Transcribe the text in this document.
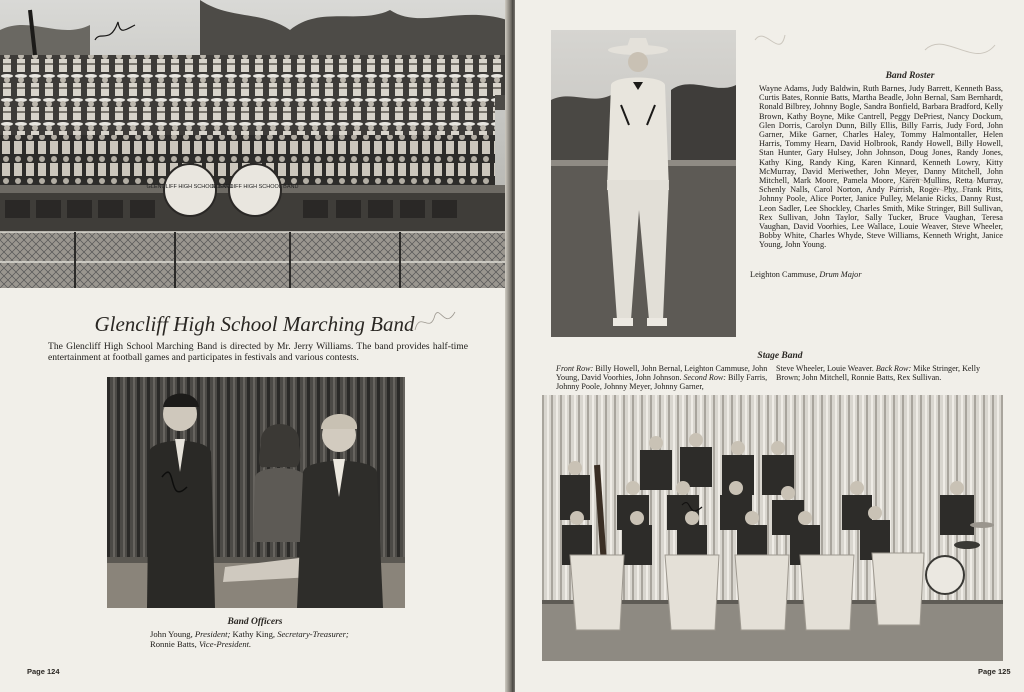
GLENCLIFF HIGH SCHOOL BAND
GLENCLIFF HIGH SCHOOL BAND
Glencliff High School Marching Band
The Glencliff High School Marching Band is directed by Mr. Jerry Williams. The band provides half-time entertainment at football games and participates in festivals and various contests.
Band Officers
John Young, President; Kathy King, Secretary-Treasurer;
Ronnie Batts, Vice-President.
Page 124
Band Roster
Wayne Adams, Judy Baldwin, Ruth Barnes, Judy Barrett, Kenneth Bass, Curtis Bates, Ronnie Batts, Martha Beadle, John Bernal, Sam Bernhardt, Ronald Bilbrey, Johnny Bogle, Sandra Bonfield, Barbara Bradford, Kelly Brown, Kathy Boyne, Mike Cantrell, Peggy DePriest, Nancy Dockum, Glen Dorris, Carolyn Dunn, Billy Ellis, Billy Farris, Judy Ford, John Garner, Mike Garner, Charles Haley, Tommy Halmontaller, Helen Harris, Tommy Hearn, David Holbrook, Randy Howell, Billy Howell, Stan Hunter, Gary Hulsey, John Johnson, Doug Jones, Randy Jones, Kathy King, Randy King, Karen Kinnard, Kenneth Lowry, Kitty McMurray, David Meriwether, John Meyer, Danny Mitchell, John Mitchell, Mark Moore, Pamela Moore, Karen Mullins, Retta Murray, Schenly Nalls, Carol Norton, Andy Parrish, Roger Phy, Frank Pitts, Johnny Poole, Alice Porter, Janice Pulley, Melanie Ricks, Danny Rust, Leon Sadler, Lee Shockley, Charles Smith, Mike Stringer, Bill Sullivan, Rex Sullivan, John Taylor, Sally Tucker, Bruce Vaughan, Teresa Vaughan, David Voorhies, Lee Wallace, Louie Weaver, Steve Wheeler, Bobby White, Charles Whyde, Steve Williams, Kenneth Wright, Janice Young, John Young.
Leighton Cammuse, Drum Major
Stage Band
Front Row: Billy Howell, John Bernal, Leighton Cammuse, John Young, David Voorhies, John Johnson. Second Row: Billy Farris, Johnny Poole, Johnny Meyer, Johnny Garner,
Steve Wheeler, Louie Weaver. Back Row: Mike Stringer, Kelly Brown; John Mitchell, Ronnie Batts, Rex Sullivan.
Page 125
